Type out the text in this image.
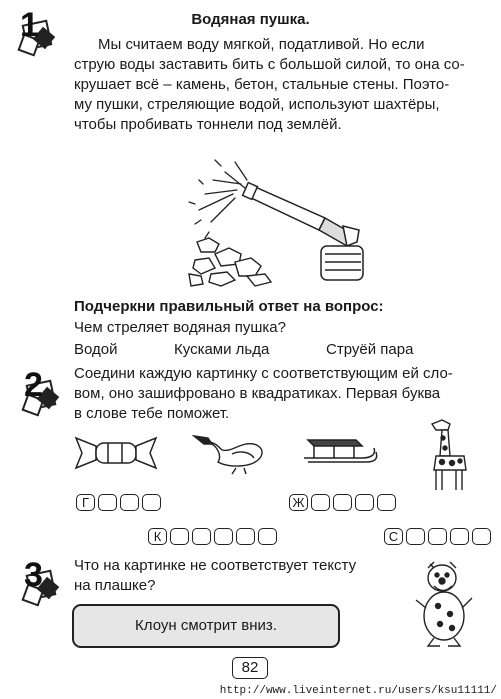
1	Водяная пушка.
Мы считаем воду мягкой, податливой. Но если
струю воды заставить бить с большой силой, то она со-
крушает всё – камень, бетон, стальные стены. Поэто-
му пушки, стреляющие водой, используют шахтёры,
чтобы пробивать тоннели под землёй.
Подчеркни правильный ответ на вопрос:
Чем стреляет водяная пушка?
Водой	Кусками льда	Струёй пара
2 Соедини каждую картинку с соответствующим ей сло-
вом, оно зашифровано в квадратиках. Первая буква
в слове тебе поможет.
Г	Ж
К	С
3 Что на картинке не соответствует тексту
на плашке?
Клоун смотрит вниз.
82
http://www.liveinternet.ru/users/ksu11111/
